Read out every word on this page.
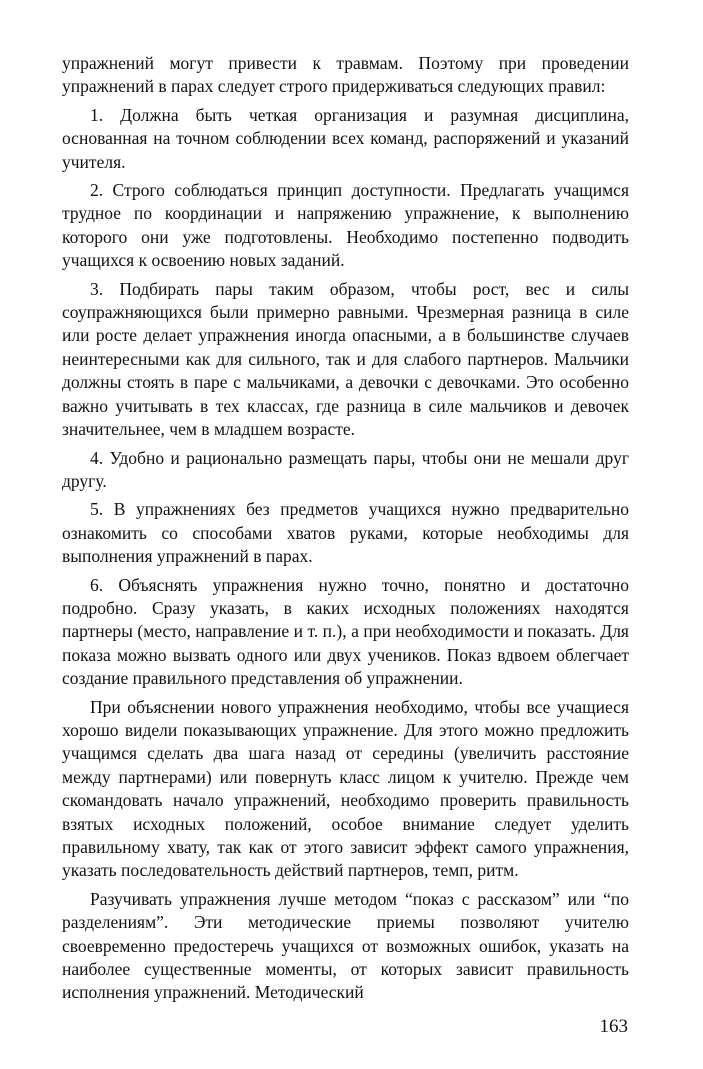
упражнений могут привести к травмам. Поэтому при проведении упражнений в парах следует строго придерживаться следующих правил:

1. Должна быть четкая организация и разумная дисциплина, основанная на точном соблюдении всех команд, распоряжений и указаний учителя.

2. Строго соблюдаться принцип доступности. Предлагать учащимся трудное по координации и напряжению упражнение, к выполнению которого они уже подготовлены. Необходимо постепенно подводить учащихся к освоению новых заданий.

3. Подбирать пары таким образом, чтобы рост, вес и силы соупражняющихся были примерно равными. Чрезмерная разница в силе или росте делает упражнения иногда опасными, а в большинстве случаев неинтересными как для сильного, так и для слабого партнеров. Мальчики должны стоять в паре с мальчиками, а девочки с девочками. Это особенно важно учитывать в тех классах, где разница в силе мальчиков и девочек значительнее, чем в младшем возрасте.

4. Удобно и рационально размещать пары, чтобы они не мешали друг другу.

5. В упражнениях без предметов учащихся нужно предварительно ознакомить со способами хватов руками, которые необходимы для выполнения упражнений в парах.

6. Объяснять упражнения нужно точно, понятно и достаточно подробно. Сразу указать, в каких исходных положениях находятся партнеры (место, направление и т. п.), а при необходимости и показать. Для показа можно вызвать одного или двух учеников. Показ вдвоем облегчает создание правильного представления об упражнении.

При объяснении нового упражнения необходимо, чтобы все учащиеся хорошо видели показывающих упражнение. Для этого можно предложить учащимся сделать два шага назад от середины (увеличить расстояние между партнерами) или повернуть класс лицом к учителю. Прежде чем скомандовать начало упражнений, необходимо проверить правильность взятых исходных положений, особое внимание следует уделить правильному хвату, так как от этого зависит эффект самого упражнения, указать последовательность действий партнеров, темп, ритм.

Разучивать упражнения лучше методом “показ с рассказом” или “по разделениям”. Эти методические приемы позволяют учителю своевременно предостеречь учащихся от возможных ошибок, указать на наиболее существенные моменты, от которых зависит правильность исполнения упражнений. Методический

163
